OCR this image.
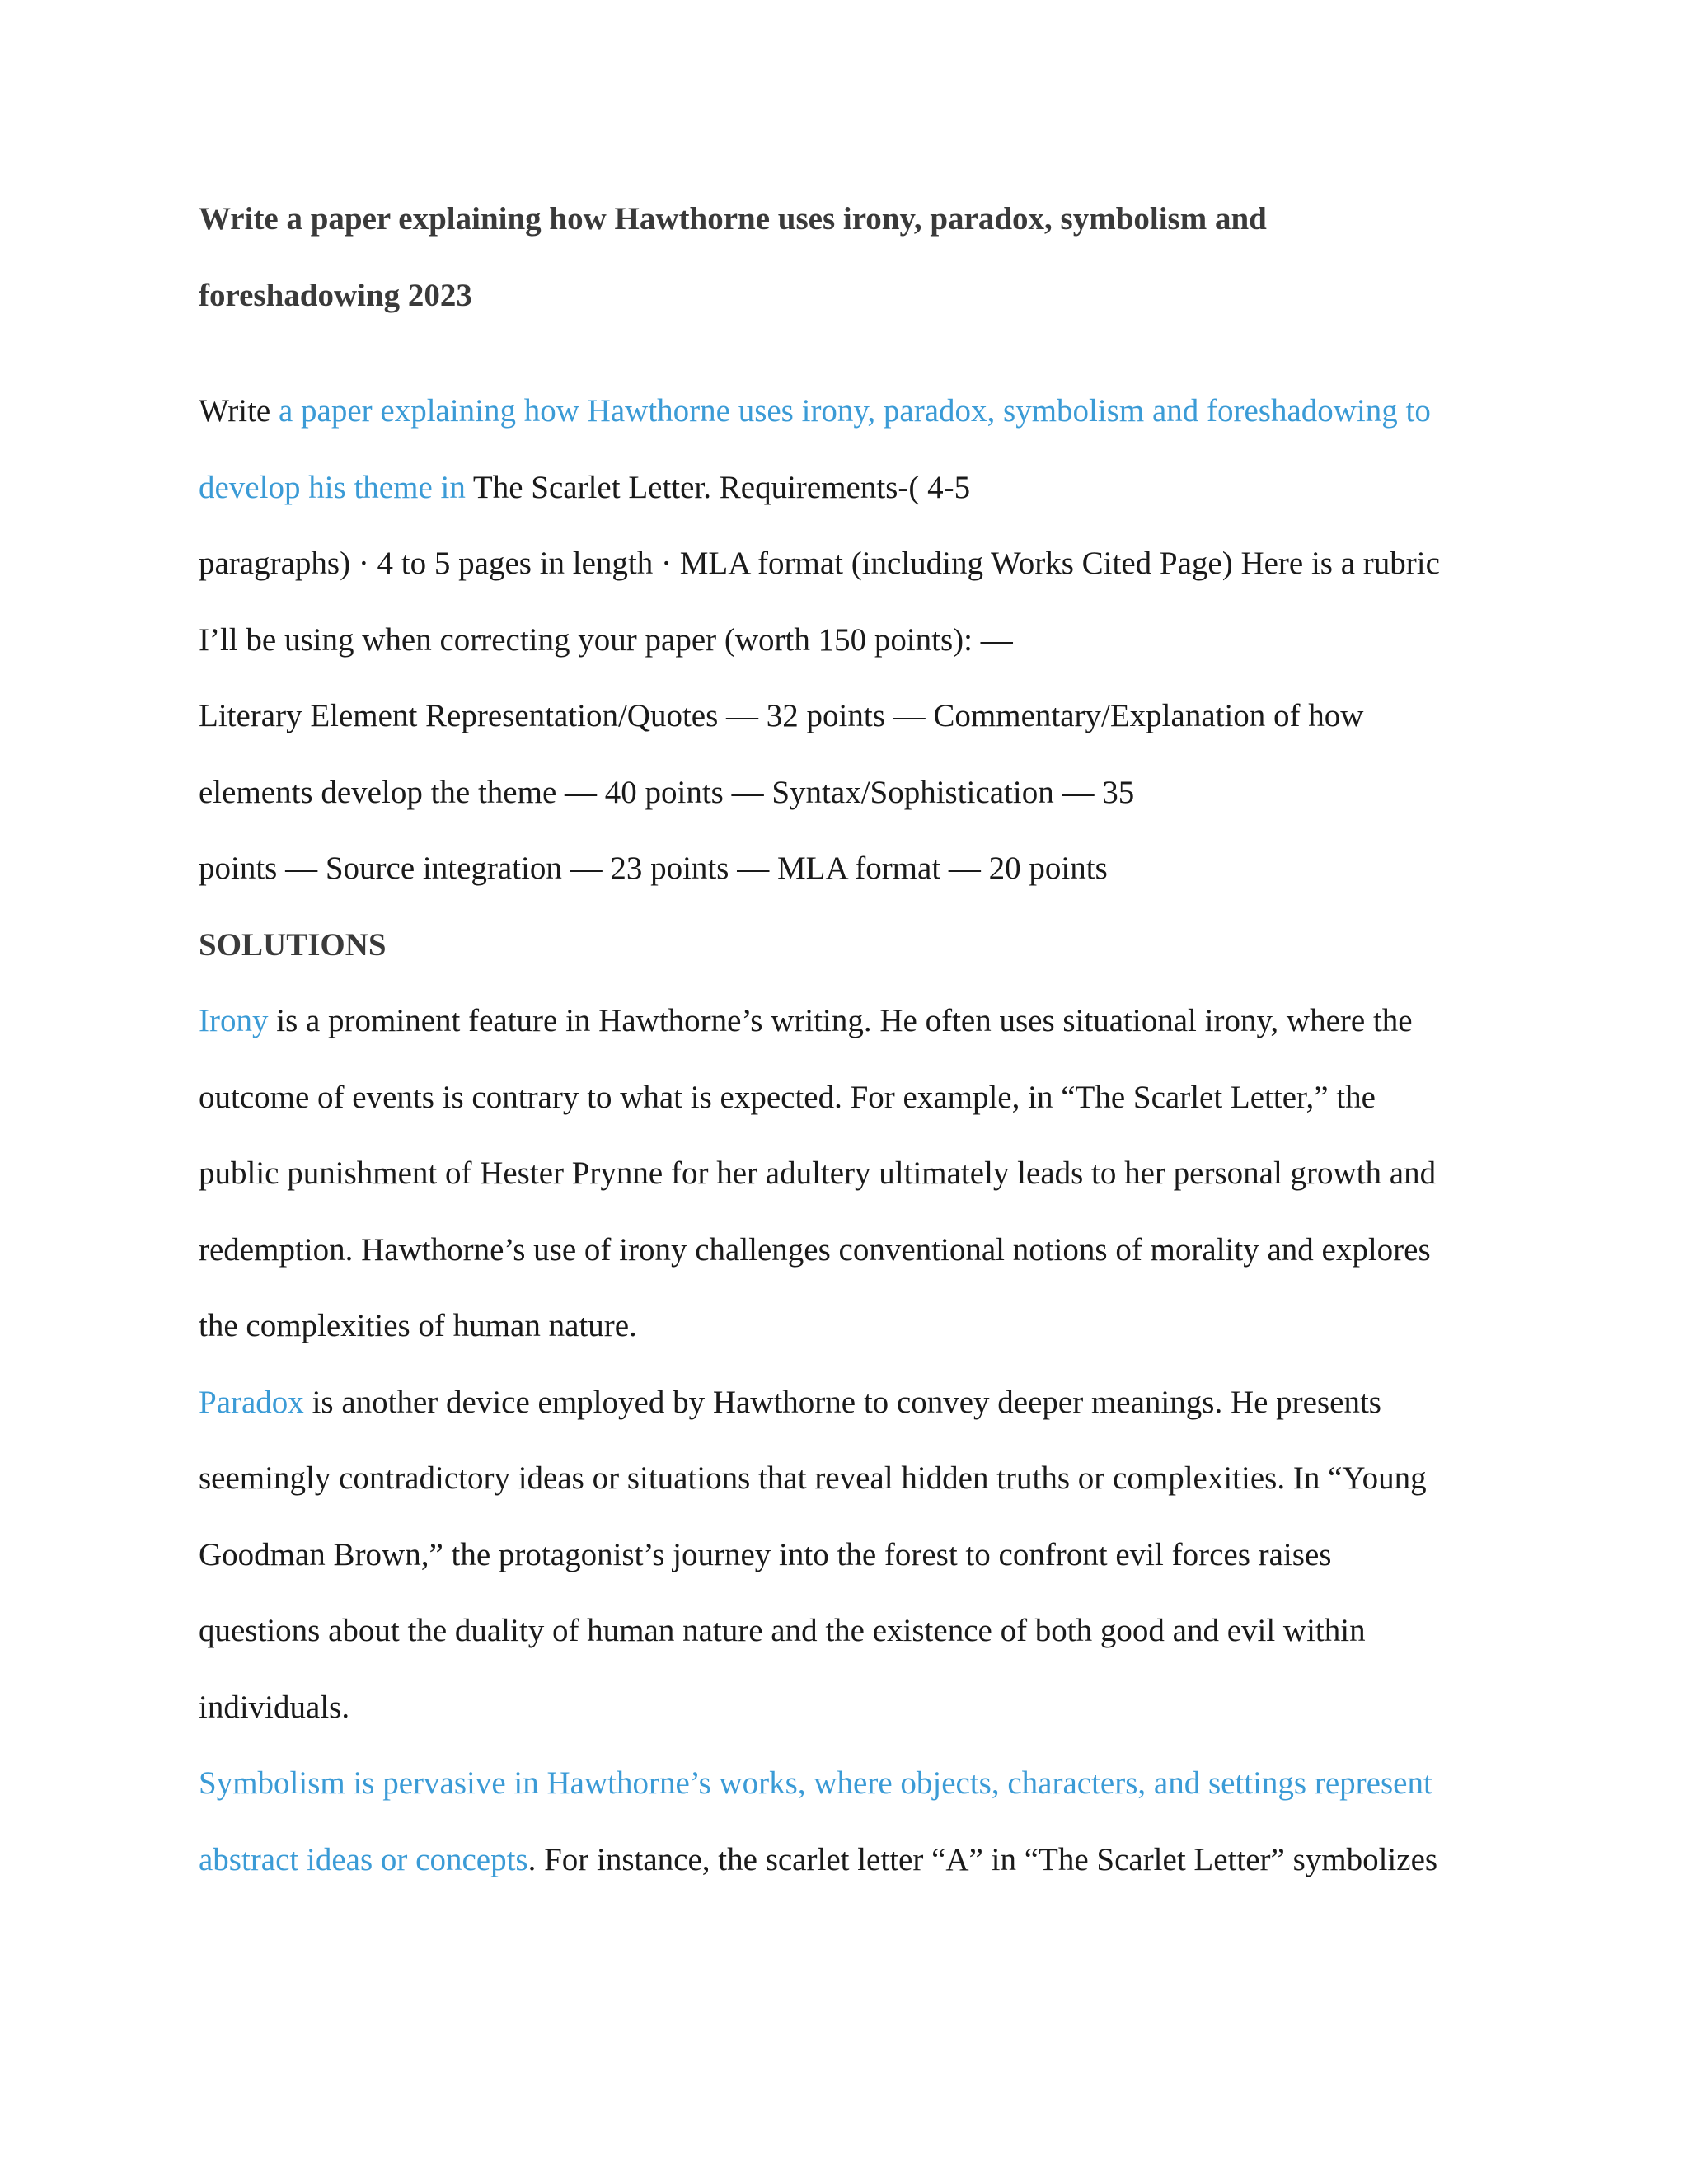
Write a paper explaining how Hawthorne uses irony, paradox, symbolism and
foreshadowing 2023
Write a paper explaining how Hawthorne uses irony, paradox, symbolism and foreshadowing to
develop his theme in The Scarlet Letter. Requirements-( 4-5
paragraphs) · 4 to 5 pages in length · MLA format (including Works Cited Page) Here is a rubric
I’ll be using when correcting your paper (worth 150 points): —
Literary Element Representation/Quotes — 32 points — Commentary/Explanation of how
elements develop the theme — 40 points — Syntax/Sophistication — 35
points — Source integration — 23 points — MLA format — 20 points
SOLUTIONS
Irony is a prominent feature in Hawthorne’s writing. He often uses situational irony, where the
outcome of events is contrary to what is expected. For example, in “The Scarlet Letter,” the
public punishment of Hester Prynne for her adultery ultimately leads to her personal growth and
redemption. Hawthorne’s use of irony challenges conventional notions of morality and explores
the complexities of human nature.
Paradox is another device employed by Hawthorne to convey deeper meanings. He presents
seemingly contradictory ideas or situations that reveal hidden truths or complexities. In “Young
Goodman Brown,” the protagonist’s journey into the forest to confront evil forces raises
questions about the duality of human nature and the existence of both good and evil within
individuals.
Symbolism is pervasive in Hawthorne’s works, where objects, characters, and settings represent
abstract ideas or concepts. For instance, the scarlet letter “A” in “The Scarlet Letter” symbolizes
